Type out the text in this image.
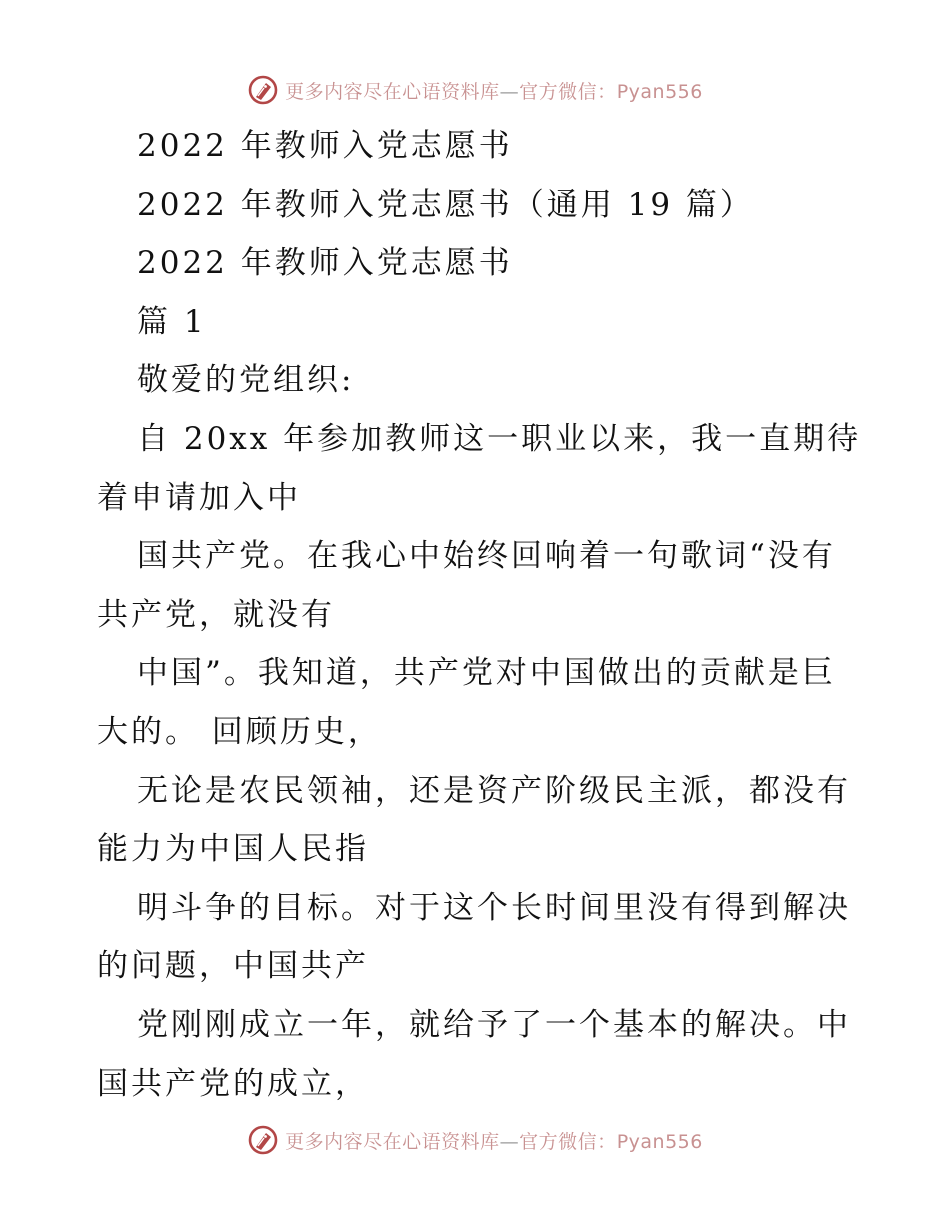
更多内容尽在心语资料库—官方微信：Pyan556
2022 年教师入党志愿书
2022 年教师入党志愿书（通用 19 篇）
2022 年教师入党志愿书
篇 1
敬爱的党组织:
自 20xx 年参加教师这一职业以来，我一直期待
着申请加入中
国共产党。在我心中始终回响着一句歌词“没有
共产党，就没有
中国”。我知道，共产党对中国做出的贡献是巨
大的。 回顾历史，
无论是农民领袖，还是资产阶级民主派，都没有
能力为中国人民指
明斗争的目标。对于这个长时间里没有得到解决
的问题，中国共产
党刚刚成立一年，就给予了一个基本的解决。中
国共产党的成立，
更多内容尽在心语资料库—官方微信：Pyan556
